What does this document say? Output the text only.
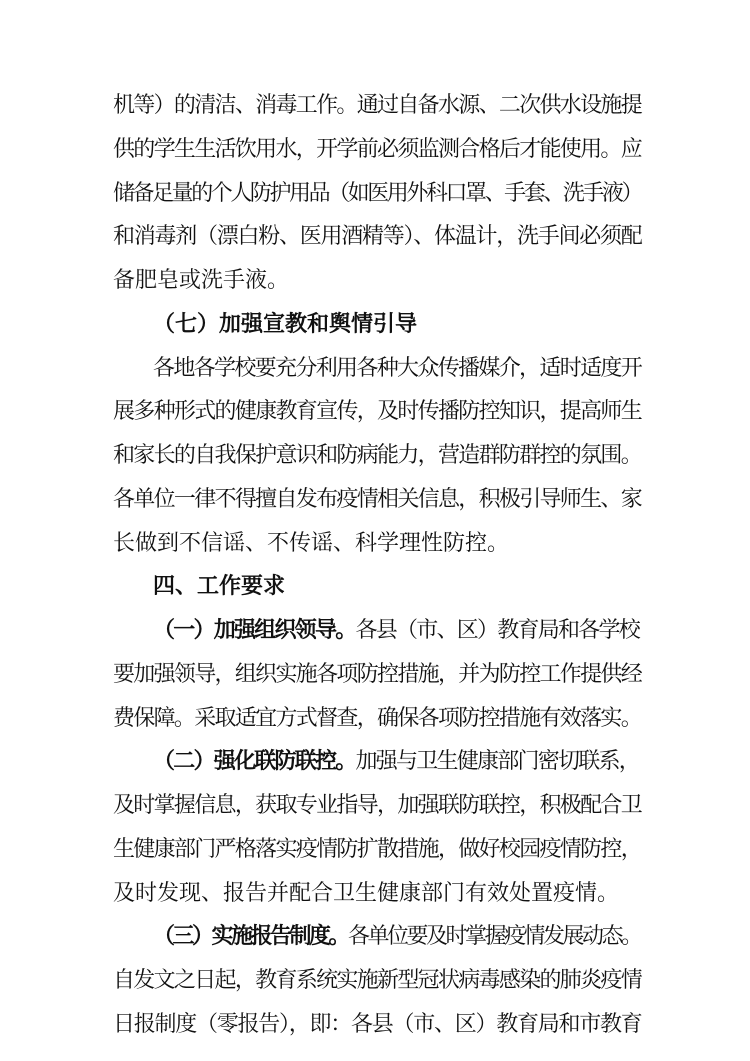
机等）的清洁、消毒工作。通过自备水源、二次供水设施提
供的学生生活饮用水，开学前必须监测合格后才能使用。应
储备足量的个人防护用品（如医用外科口罩、手套、洗手液）
和消毒剂（漂白粉、医用酒精等）、体温计，洗手间必须配
备肥皂或洗手液。
（七）加强宣教和舆情引导
各地各学校要充分利用各种大众传播媒介，适时适度开
展多种形式的健康教育宣传，及时传播防控知识，提高师生
和家长的自我保护意识和防病能力，营造群防群控的氛围。
各单位一律不得擅自发布疫情相关信息，积极引导师生、家
长做到不信谣、不传谣、科学理性防控。
四、工作要求
（一）加强组织领导。各县（市、区）教育局和各学校
要加强领导，组织实施各项防控措施，并为防控工作提供经
费保障。采取适宜方式督查，确保各项防控措施有效落实。
（二）强化联防联控。加强与卫生健康部门密切联系，
及时掌握信息，获取专业指导，加强联防联控，积极配合卫
生健康部门严格落实疫情防扩散措施，做好校园疫情防控，
及时发现、报告并配合卫生健康部门有效处置疫情。
（三）实施报告制度。各单位要及时掌握疫情发展动态。
自发文之日起，教育系统实施新型冠状病毒感染的肺炎疫情
日报制度（零报告），即：各县（市、区）教育局和市教育
